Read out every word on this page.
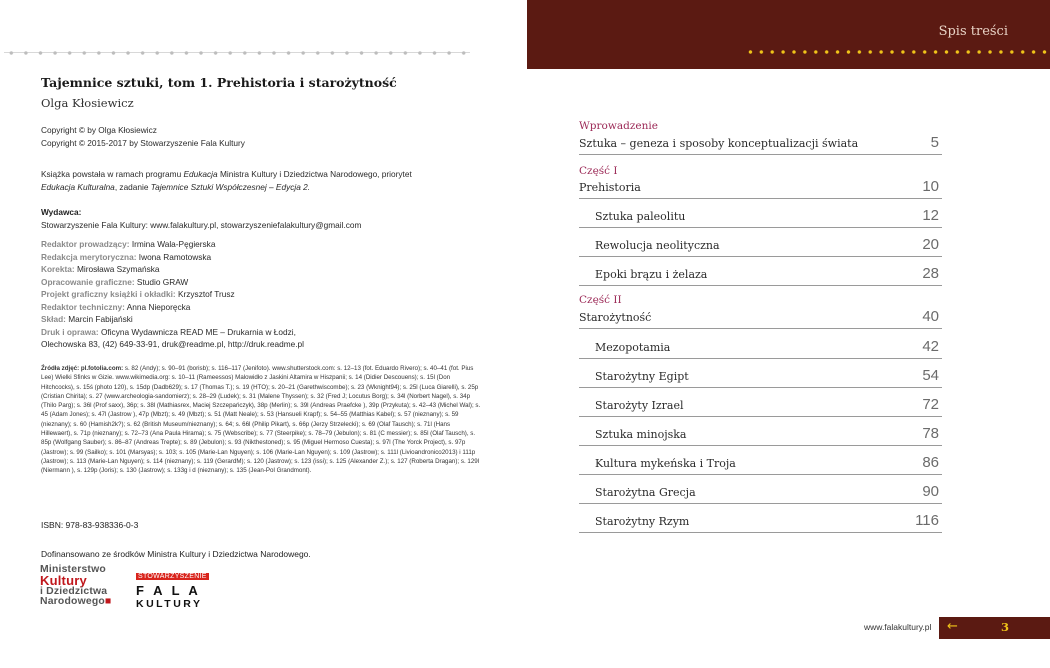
Tajemnice sztuki, tom 1. Prehistoria i starożytność
Olga Kłosiewicz
Copyright © by Olga Kłosiewicz
Copyright © 2015-2017 by Stowarzyszenie Fala Kultury
Książka powstała w ramach programu Edukacja Ministra Kultury i Dziedzictwa Narodowego, priorytet
Edukacja Kulturalna, zadanie Tajemnice Sztuki Współczesnej – Edycja 2.
Wydawca:
Stowarzyszenie Fala Kultury: www.falakultury.pl, stowarzyszeniefalakultury@gmail.com
Redaktor prowadzący: Irmina Wala-Pęgierska
Redakcja merytoryczna: Iwona Ramotowska
Korekta: Mirosława Szymańska
Opracowanie graficzne: Studio GRAW
Projekt graficzny książki i okładki: Krzysztof Trusz
Redaktor techniczny: Anna Nieporęcka
Skład: Marcin Fabijański
Druk i oprawa: Oficyna Wydawnicza READ ME – Drukarnia w Łodzi,
Olechowska 83, (42) 649-33-91, druk@readme.pl, http://druk.readme.pl
Źródła zdjęć: pl.fotolia.com: s. 82 (Andy); s. 90–91 (borisb); s. 116–117 (Jenifoto). www.shutterstock.com: s. 12–13 (fot. Eduardo Rivero); s. 40–41 (fot. Pius Lee) Wielki Sfinks w Gizie. www.wikimedia.org: s. 10–11 (Rameessos) Malowidło z Jaskini Altamira w Hiszpanii; s. 14 (Didier Descouens); s. 15l (Don Hitchcocks), s. 15ś (photo 120), s. 15dp (Dadb629); s. 17 (Thomas T.); s. 19 (HTO); s. 20–21 (Garethwiscombe); s. 23 (Wknight94); s. 25l (Luca Giarelli), s. 25p (Cristian Chirita); s. 27 (www.archeologia-sandomierz); s. 28–29 (Ludek); s. 31 (Malene Thyssen); s. 32 (Fred J; Locutus Borg); s. 34l (Norbert Nagel), s. 34p (Thilo Parg); s. 36l (Prof saxx), 36p; s. 38l (Mathiasrex, Maciej Szczepańczyk), 38p (Merlin); s. 39l (Andreas Praefcke ), 39p (Przykuta); s. 42–43 (Michel Wal); s. 45 (Adam Jones); s. 47l (Jastrow ), 47p (Mbzt); s. 49 (Mbzt); s. 51 (Matt Neale); s. 53 (Hansueli Krapf); s. 54–55 (Matthias Kabel); s. 57 (nieznany); s. 59 (nieznany); s. 60 (Hamish2k?); s. 62 (British Museum/nieznany); s. 64; s. 66l (Philip Pikart), s. 66p (Jerzy Strzelecki); s. 69 (Olaf Tausch); s. 71l (Hans Hillewaert), s. 71p (nieznany); s. 72–73 (Ana Paula Hirama); s. 75 (Webscribe); s. 77 (Steerpike); s. 78–79 (Jebulon); s. 81 (C messier); s. 85l (Olaf Tausch), s. 85p (Wolfgang Sauber); s. 86–87 (Andreas Trepte); s. 89 (Jebulon); s. 93 (Nikthestoned); s. 95 (Miguel Hermoso Cuesta); s. 97l (The Yorck Project), s. 97p (Jastrow); s. 99 (Sailko); s. 101 (Marsyas); s. 103; s. 105 (Marie-Lan Nguyen); s. 106 (Marie-Lan Nguyen); s. 109 (Jastrow); s. 111l (Livioandronico2013) i 111p (Jastrow); s. 113 (Marie-Lan Nguyen); s. 114 (nieznany); s. 119 (GerardM); s. 120 (Jastrow); s. 123 (issi); s. 125 (Alexander Z.); s. 127 (Roberta Dragan); s. 129l (Niermann ), s. 129p (Joris); s. 130 (Jastrow); s. 133g i d (nieznany); s. 135 (Jean-Pol Grandmont).
ISBN: 978-83-938336-0-3
Dofinansowano ze środków Ministra Kultury i Dziedzictwa Narodowego.
Ministerstwo
Kultury
i Dziedzictwa
Narodowego■
STOWARZYSZENIE
F A L A
KULTURY
Spis treści
Wprowadzenie
Sztuka – geneza i sposoby konceptualizacji świata	5
Część I
Prehistoria	10
Sztuka paleolitu	12
Rewolucja neolityczna	20
Epoki brązu i żelaza	28
Część II
Starożytność	40
Mezopotamia	42
Starożytny Egipt	54
Starożyty Izrael	72
Sztuka minojska	78
Kultura mykeńska i Troja	86
Starożytna Grecja	90
Starożytny Rzym	116
www.falakultury.pl ←	3
